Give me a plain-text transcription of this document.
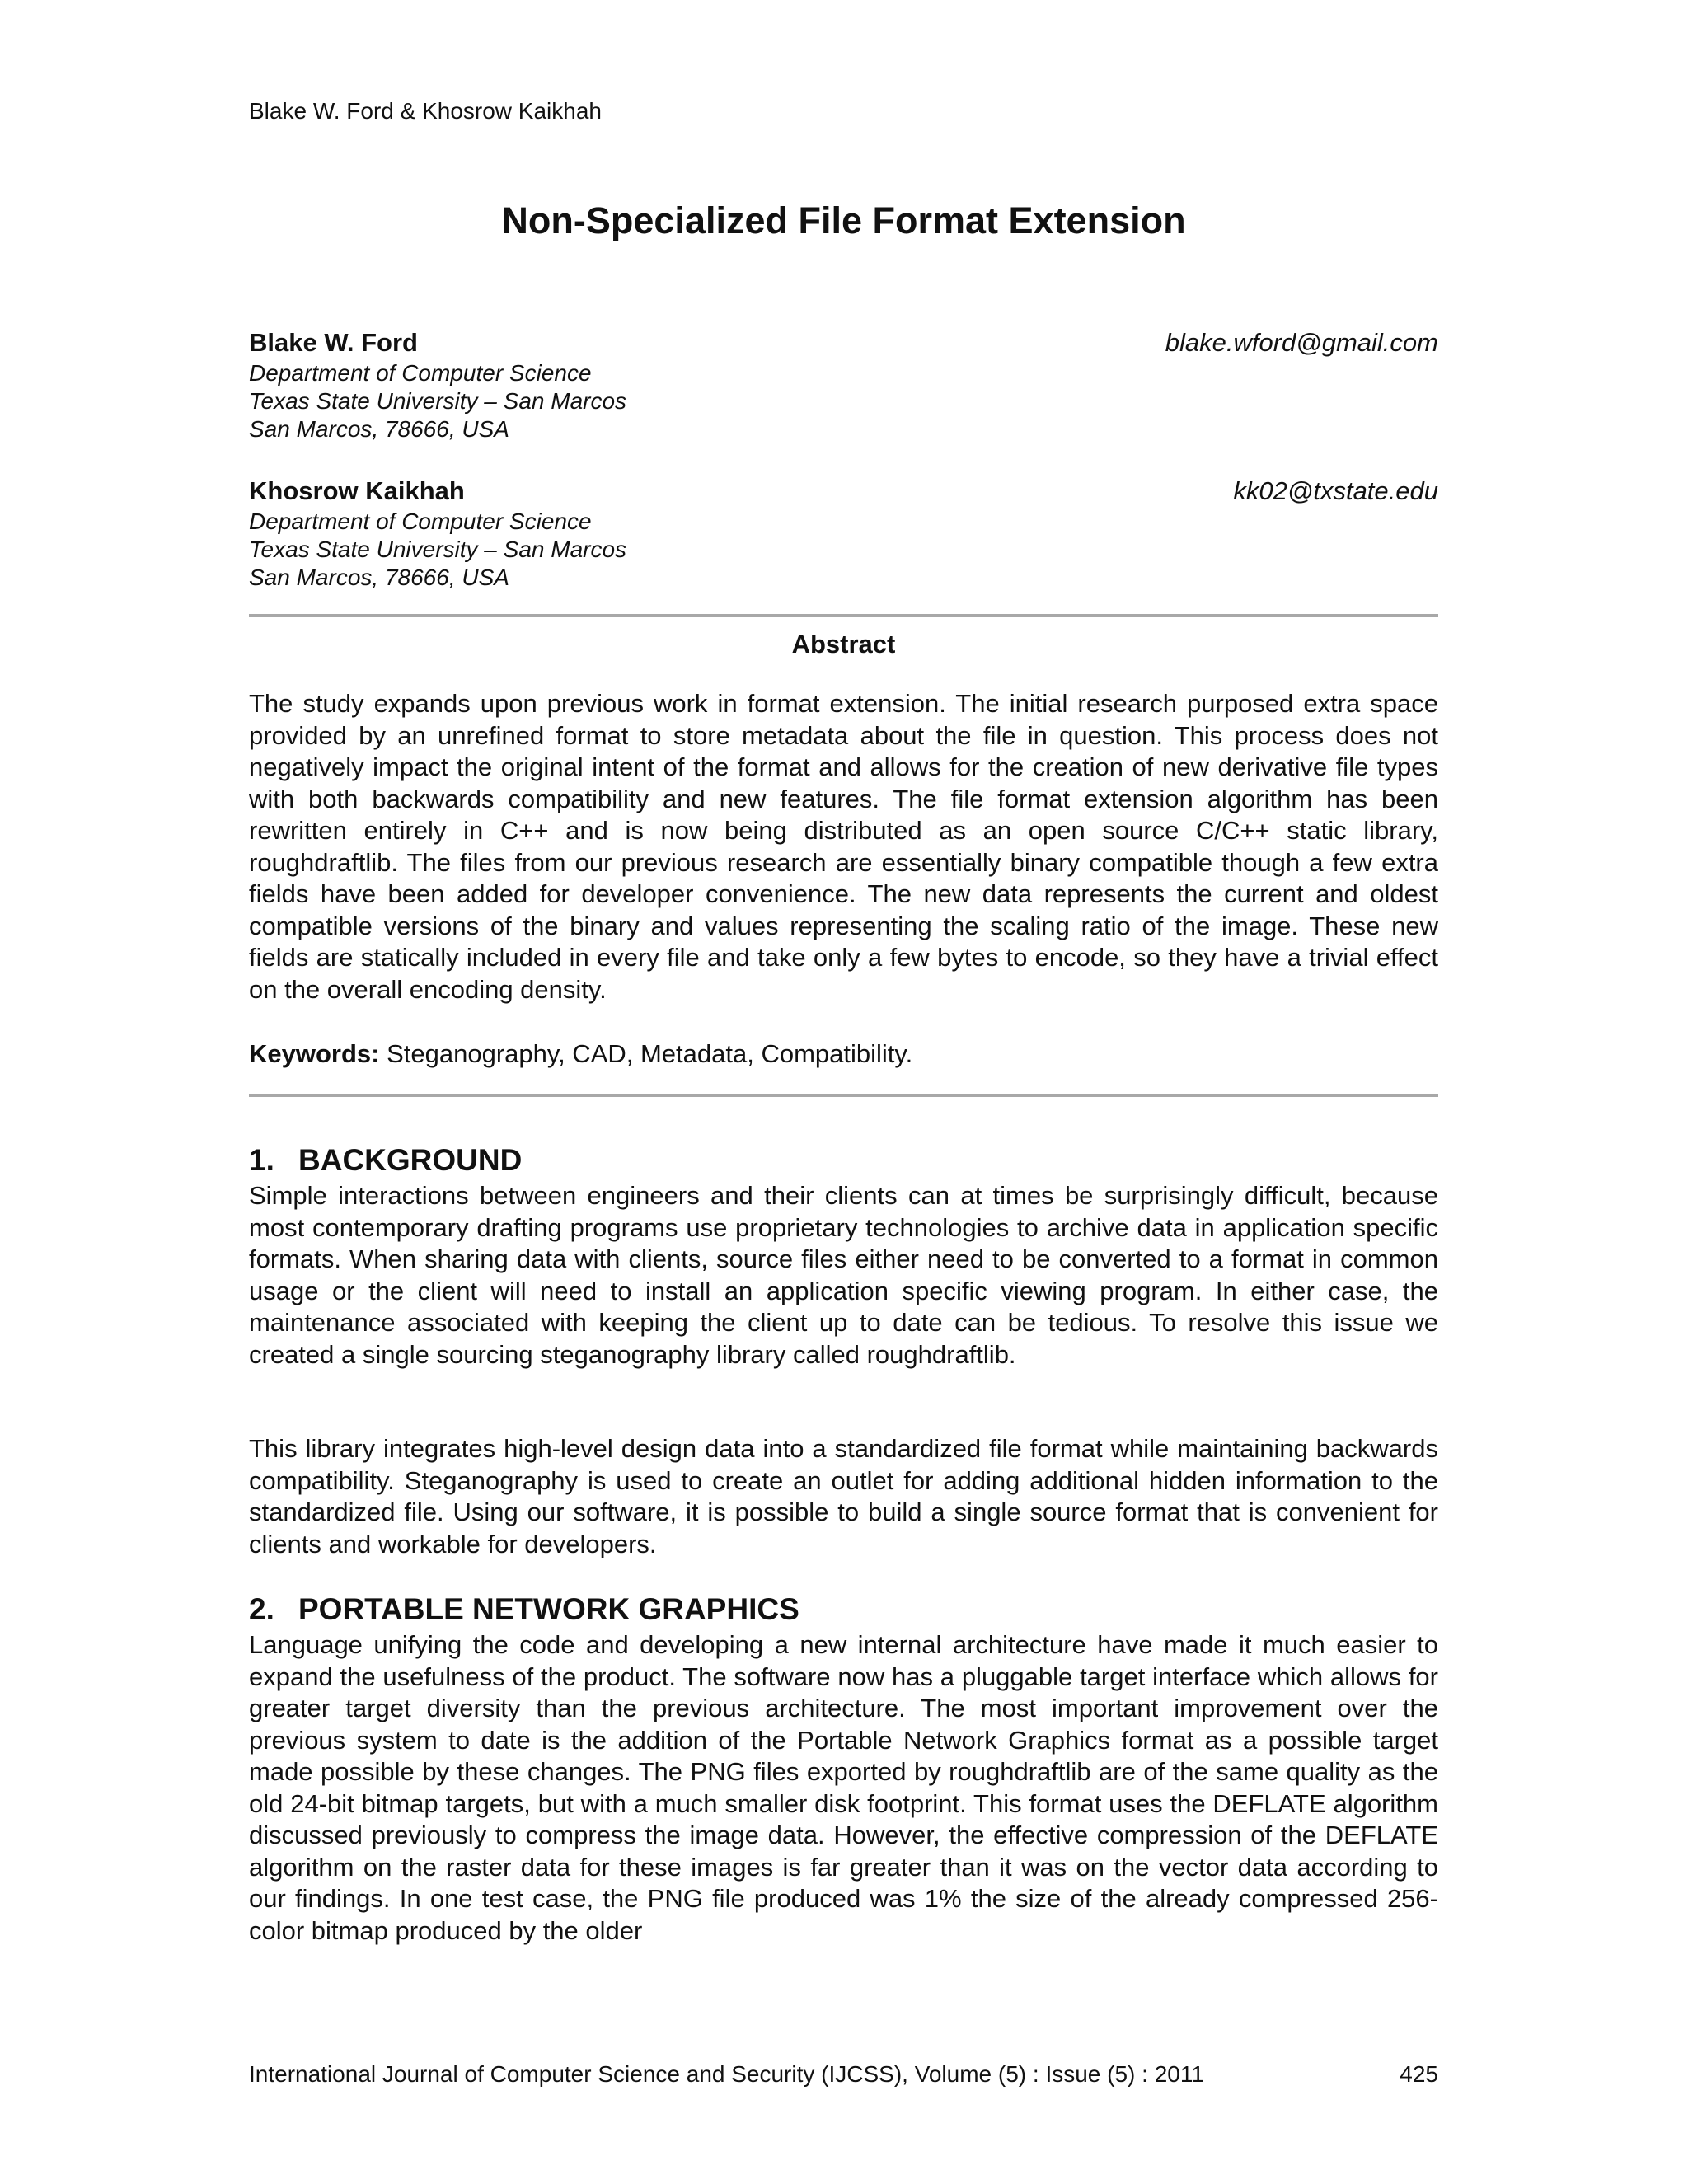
Blake W. Ford & Khosrow Kaikhah
Non-Specialized File Format Extension
Blake W. Ford	blake.wford@gmail.com
Department of Computer Science
Texas State University – San Marcos
San Marcos, 78666, USA
Khosrow Kaikhah	kk02@txstate.edu
Department of Computer Science
Texas State University – San Marcos
San Marcos, 78666, USA
Abstract

The study expands upon previous work in format extension. The initial research purposed extra space provided by an unrefined format to store metadata about the file in question. This process does not negatively impact the original intent of the format and allows for the creation of new derivative file types with both backwards compatibility and new features. The file format extension algorithm has been rewritten entirely in C++ and is now being distributed as an open source C/C++ static library, roughdraftlib. The files from our previous research are essentially binary compatible though a few extra fields have been added for developer convenience. The new data represents the current and oldest compatible versions of the binary and values representing the scaling ratio of the image. These new fields are statically included in every file and take only a few bytes to encode, so they have a trivial effect on the overall encoding density.

Keywords: Steganography, CAD, Metadata, Compatibility.
1. BACKGROUND

Simple interactions between engineers and their clients can at times be surprisingly difficult, because most contemporary drafting programs use proprietary technologies to archive data in application specific formats. When sharing data with clients, source files either need to be converted to a format in common usage or the client will need to install an application specific viewing program. In either case, the maintenance associated with keeping the client up to date can be tedious. To resolve this issue we created a single sourcing steganography library called roughdraftlib.

This library integrates high-level design data into a standardized file format while maintaining backwards compatibility. Steganography is used to create an outlet for adding additional hidden information to the standardized file. Using our software, it is possible to build a single source format that is convenient for clients and workable for developers.

2. PORTABLE NETWORK GRAPHICS

Language unifying the code and developing a new internal architecture have made it much easier to expand the usefulness of the product. The software now has a pluggable target interface which allows for greater target diversity than the previous architecture. The most important improvement over the previous system to date is the addition of the Portable Network Graphics format as a possible target made possible by these changes. The PNG files exported by roughdraftlib are of the same quality as the old 24-bit bitmap targets, but with a much smaller disk footprint. This format uses the DEFLATE algorithm discussed previously to compress the image data. However, the effective compression of the DEFLATE algorithm on the raster data for these images is far greater than it was on the vector data according to our findings. In one test case, the PNG file produced was 1% the size of the already compressed 256-color bitmap produced by the older

International Journal of Computer Science and Security (IJCSS), Volume (5) : Issue (5) : 2011	425
